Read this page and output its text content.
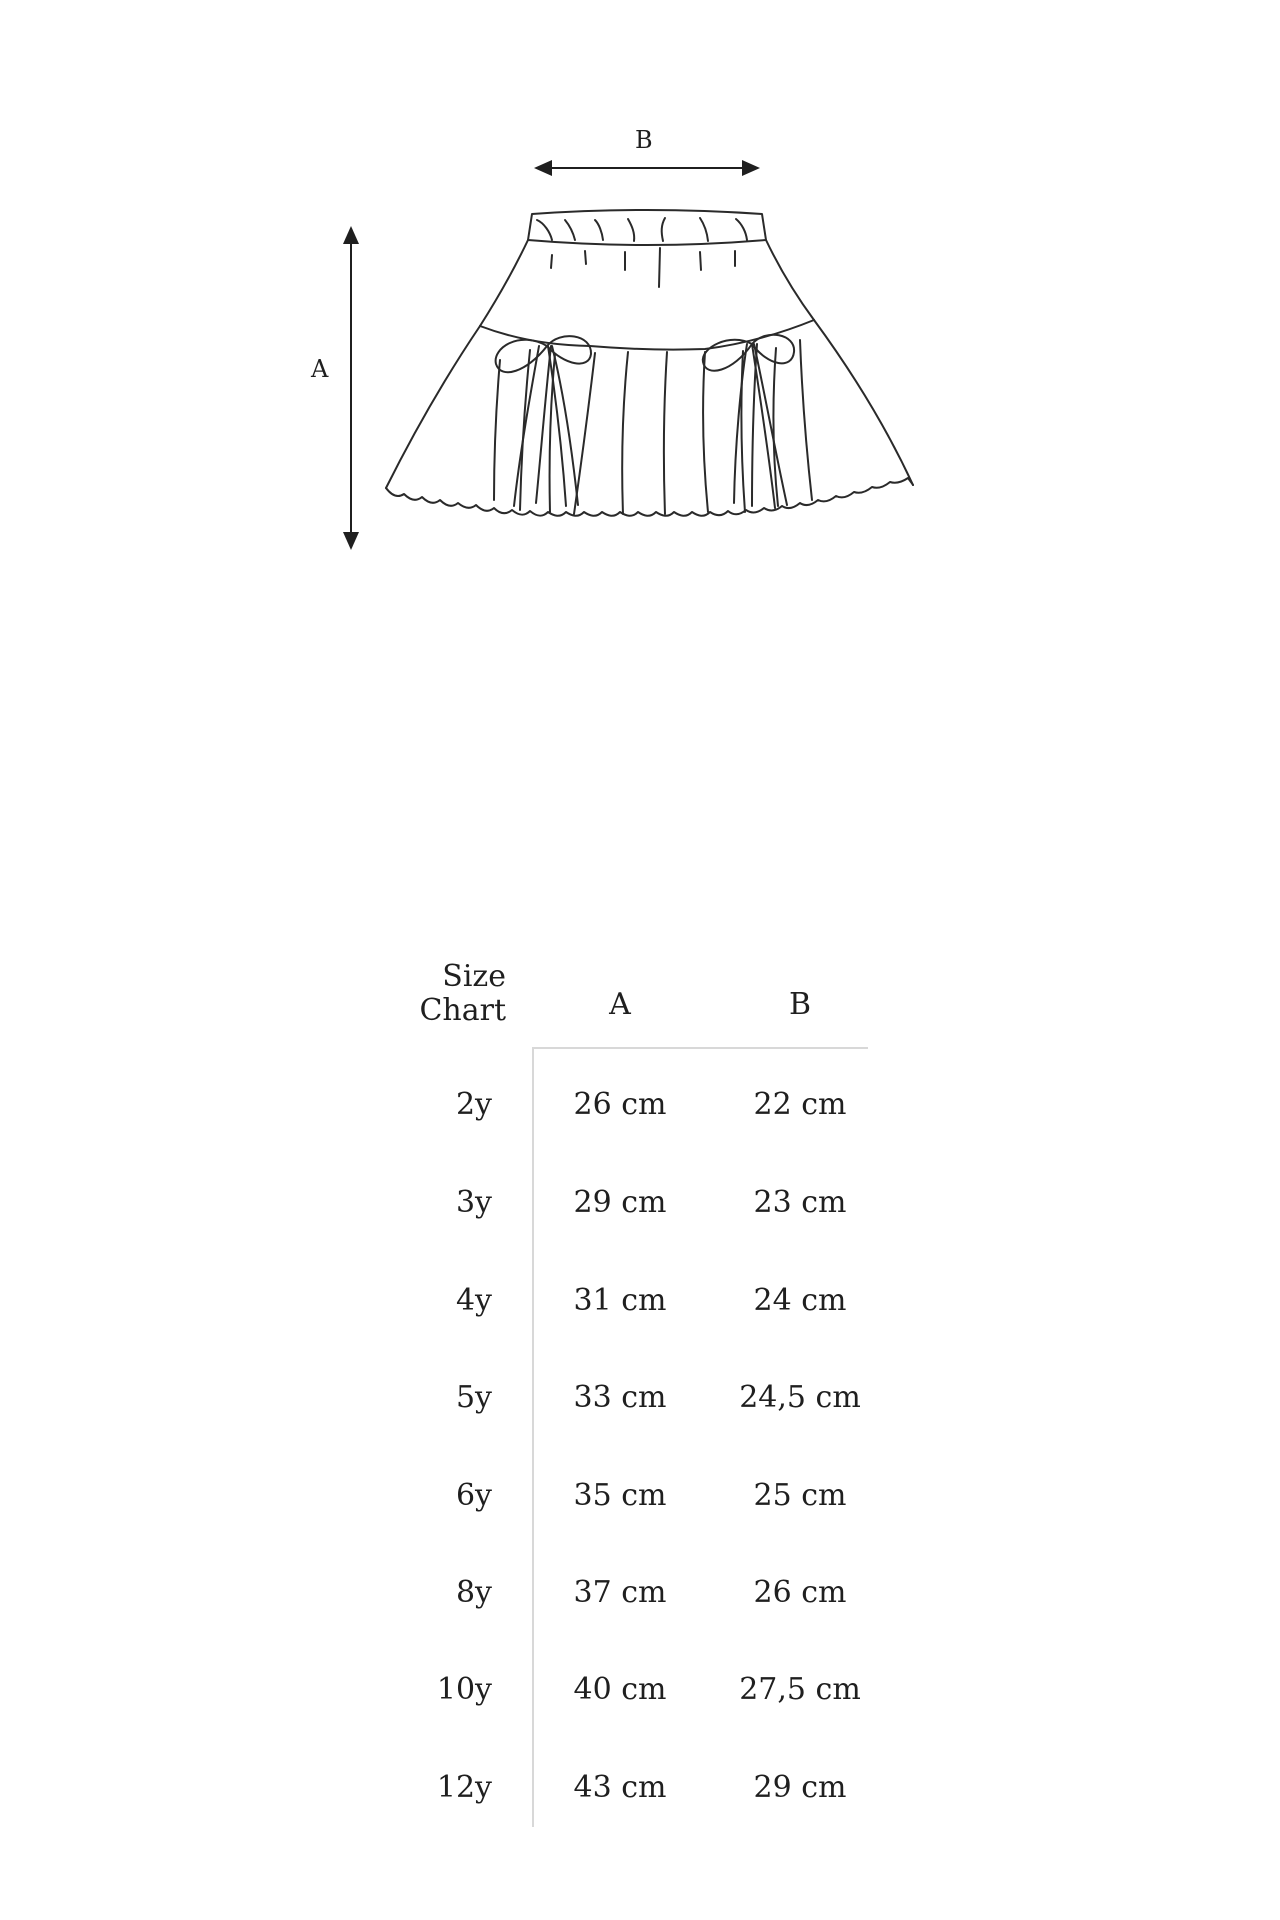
B
A
Size
Chart	A	B
2y	26 cm	22 cm
3y	29 cm	23 cm
4y	31 cm	24 cm
5y	33 cm	24,5 cm
6y	35 cm	25 cm
8y	37 cm	26 cm
10y	40 cm	27,5 cm
12y	43 cm	29 cm
